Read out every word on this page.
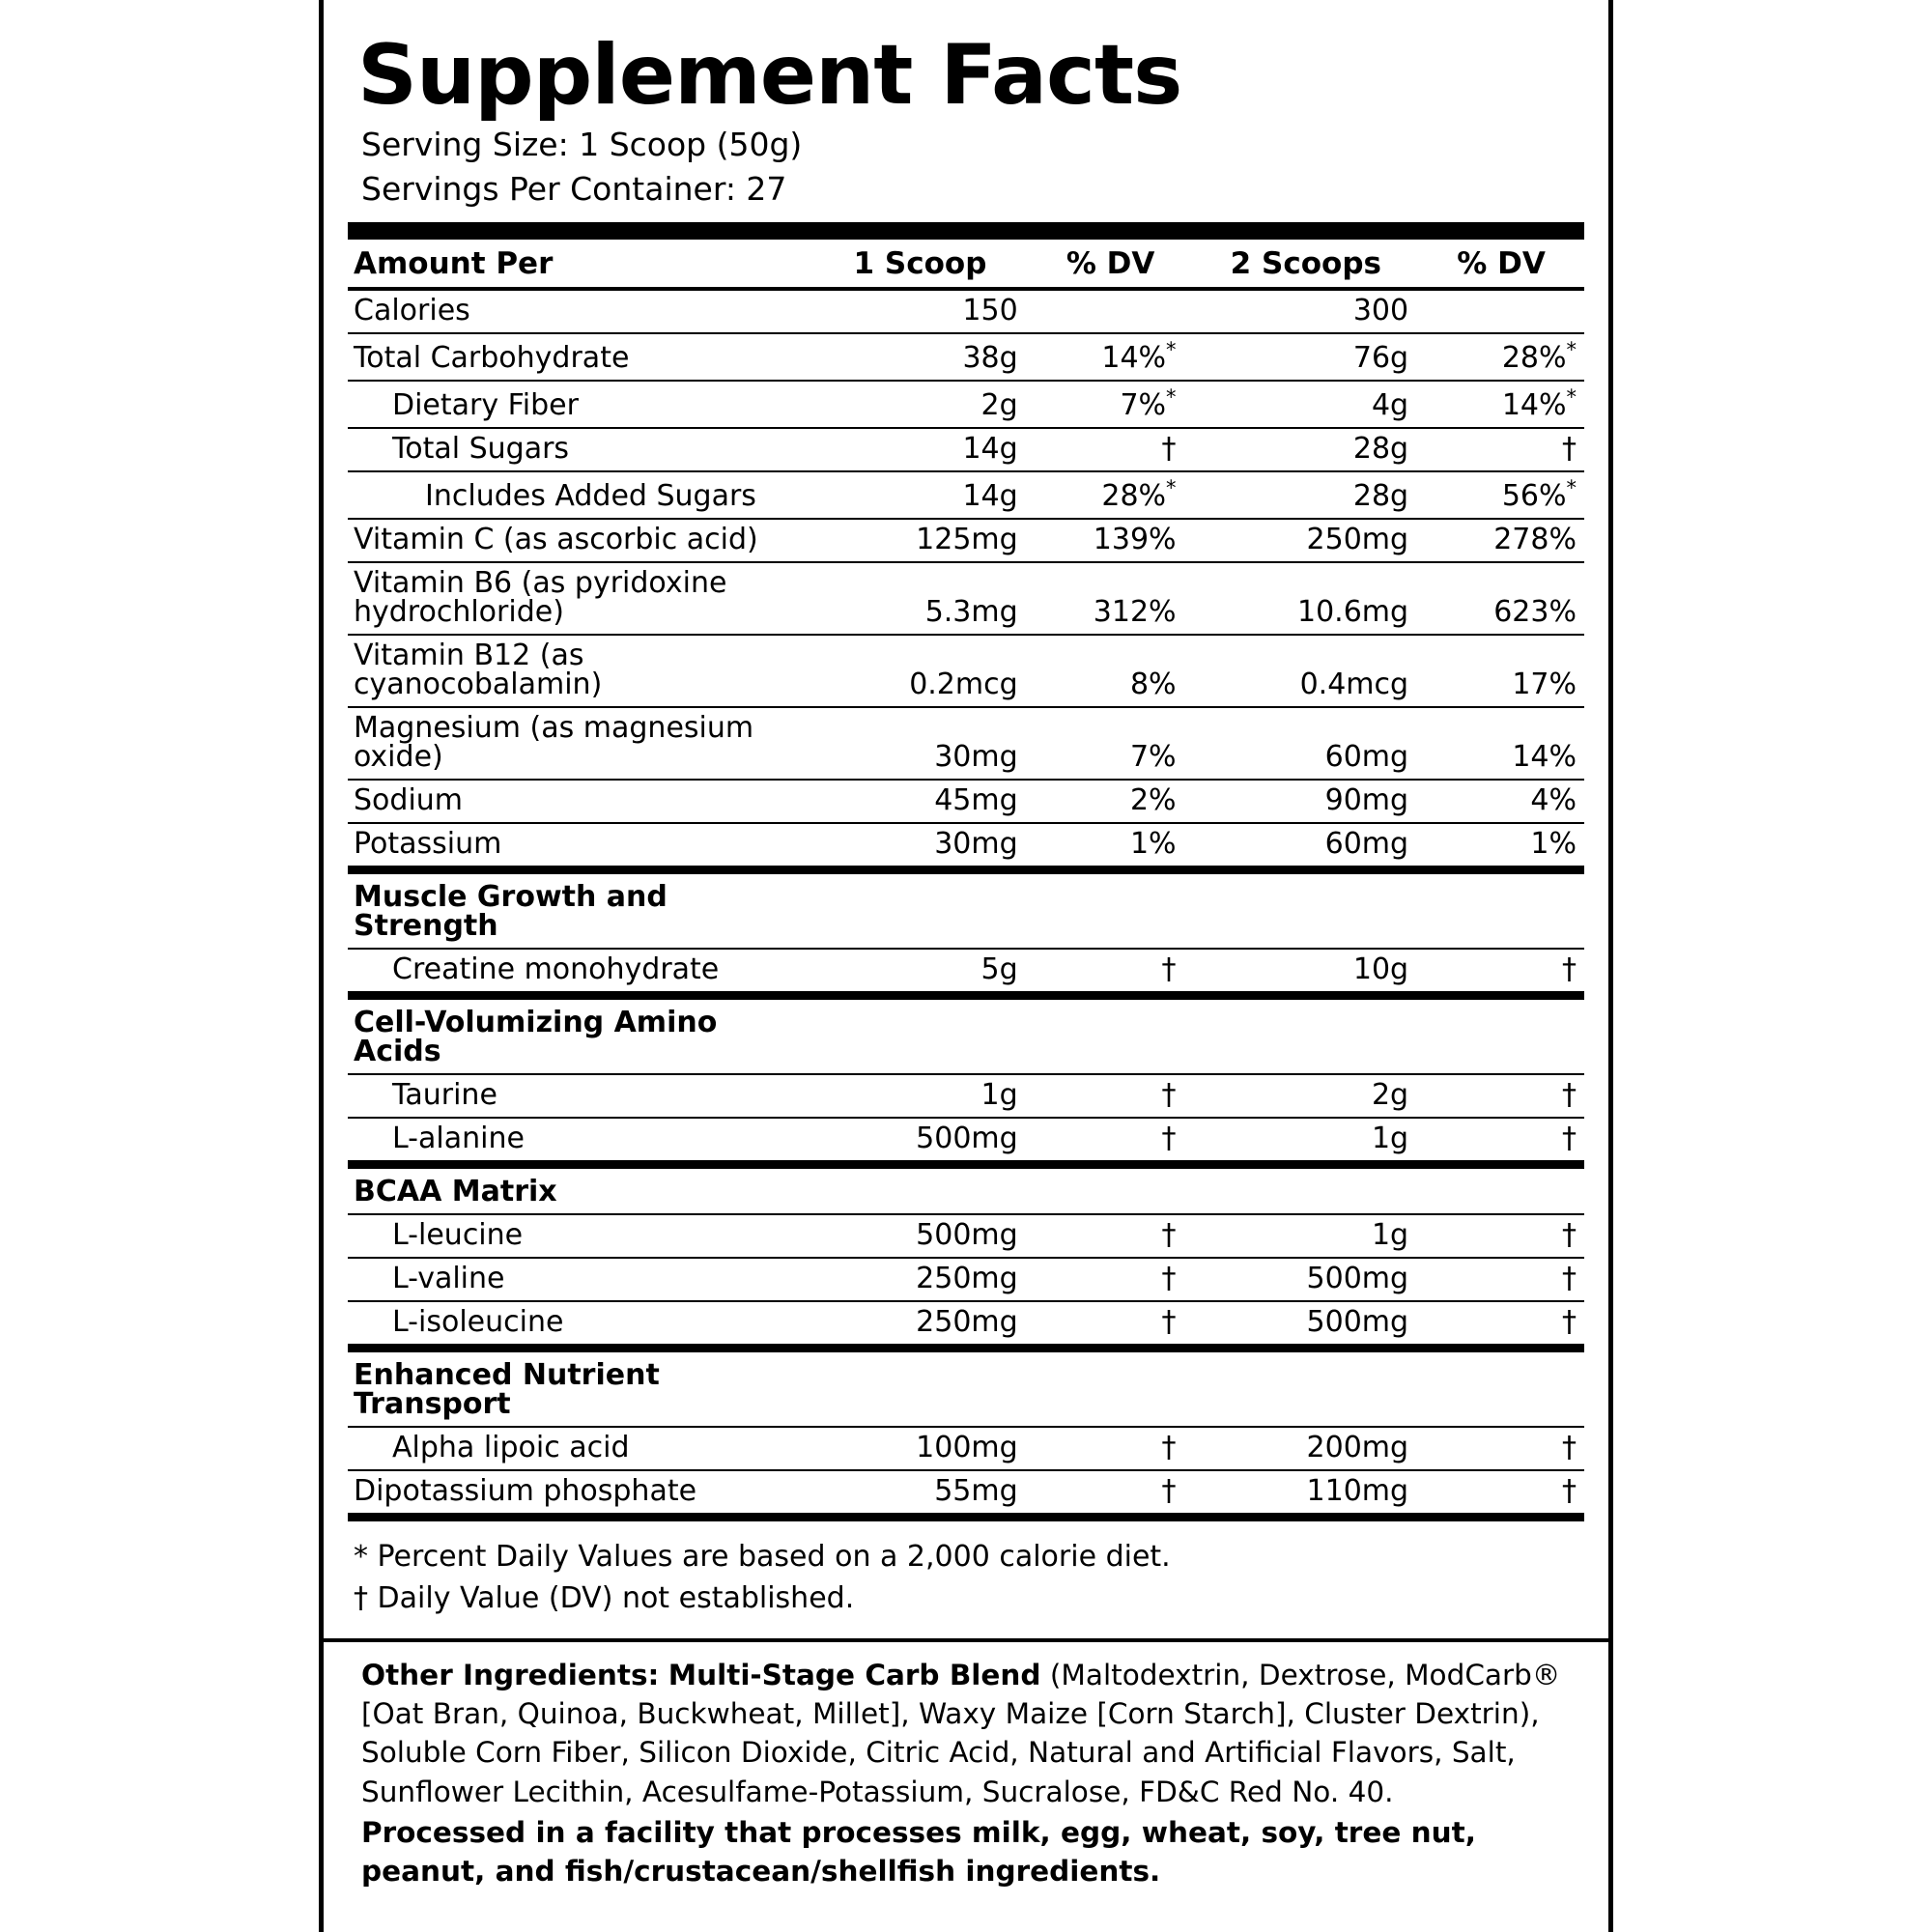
Supplement Facts
Serving Size: 1 Scoop (50g)
Servings Per Container: 27
Amount Per	1 Scoop	% DV	2 Scoops	% DV
Calories	150		300	
Total Carbohydrate	38g	14%*	76g	28%*
Dietary Fiber	2g	7%*	4g	14%*
Total Sugars	14g	†	28g	†
Includes Added Sugars	14g	28%*	28g	56%*
Vitamin C (as ascorbic acid)	125mg	139%	250mg	278%
Vitamin B6 (as pyridoxine hydrochloride)	5.3mg	312%	10.6mg	623%
Vitamin B12 (as cyanocobalamin)	0.2mcg	8%	0.4mcg	17%
Magnesium (as magnesium oxide)	30mg	7%	60mg	14%
Sodium	45mg	2%	90mg	4%
Potassium	30mg	1%	60mg	1%
Muscle Growth and Strength				
Creatine monohydrate	5g	†	10g	†
Cell-Volumizing Amino Acids				
Taurine	1g	†	2g	†
L-alanine	500mg	†	1g	†
BCAA Matrix				
L-leucine	500mg	†	1g	†
L-valine	250mg	†	500mg	†
L-isoleucine	250mg	†	500mg	†
Enhanced Nutrient Transport				
Alpha lipoic acid	100mg	†	200mg	†
Dipotassium phosphate	55mg	†	110mg	†
* Percent Daily Values are based on a 2,000 calorie diet.
† Daily Value (DV) not established.
Other Ingredients: Multi-Stage Carb Blend (Maltodextrin, Dextrose, ModCarb® [Oat Bran, Quinoa, Buckwheat, Millet], Waxy Maize [Corn Starch], Cluster Dextrin), Soluble Corn Fiber, Silicon Dioxide, Citric Acid, Natural and Artificial Flavors, Salt, Sunflower Lecithin, Acesulfame-Potassium, Sucralose, FD&C Red No. 40.
Processed in a facility that processes milk, egg, wheat, soy, tree nut, peanut, and fish/crustacean/shellfish ingredients.
